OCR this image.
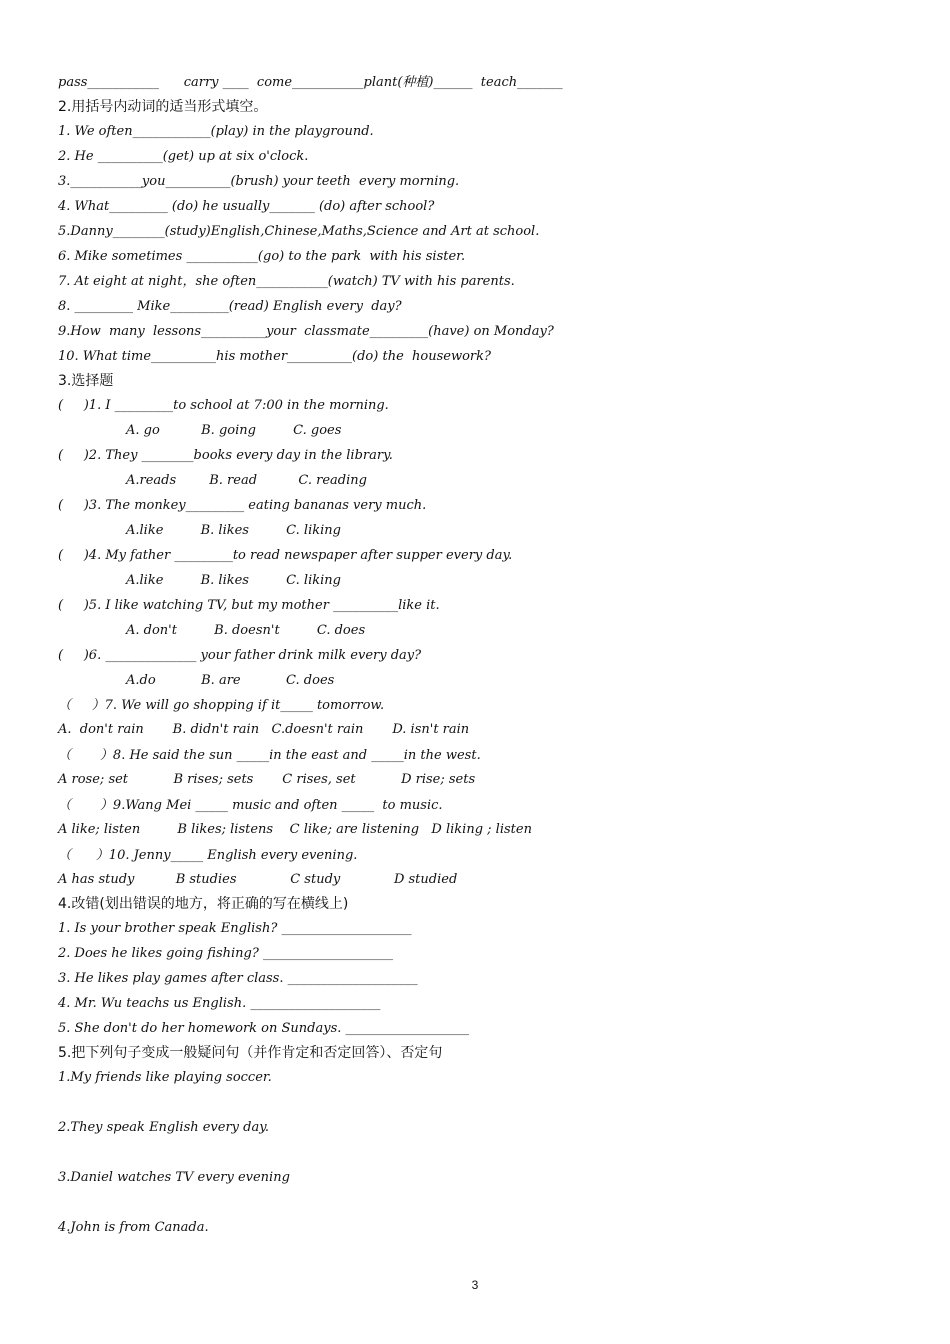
pass___________      carry ____  come___________plant(种植)______  teach_______
2.用括号内动词的适当形式填空。
1. We often____________(play) in the playground.
2. He __________(get) up at six o'clock.
3.___________you__________(brush) your teeth  every morning.
4. What_________ (do) he usually_______ (do) after school?
5.Danny________(study)English,Chinese,Maths,Science and Art at school.
6. Mike sometimes ___________(go) to the park  with his sister.
7. At eight at night，she often___________(watch) TV with his parents.
8. _________ Mike_________(read) English every  day?
9.How  many  lessons__________your  classmate_________(have) on Monday?
10. What time__________his mother__________(do) the  housework?
3.选择题
(     )1. I _________to school at 7:00 in the morning.
A. go          B. going         C. goes
(     )2. They ________books every day in the library.
A.reads        B. read          C. reading
(     )3. The monkey_________ eating bananas very much.
A.like         B. likes         C. liking
(     )4. My father _________to read newspaper after supper every day.
A.like         B. likes         C. liking
(     )5. I like watching TV, but my mother __________like it.
A. don't         B. doesn't         C. does
(     )6. ______________ your father drink milk every day?
A.do           B. are           C. does
（     ）7. We will go shopping if it_____ tomorrow.
A.  don't rain       B. didn't rain   C.doesn't rain       D. isn't rain
（       ）8. He said the sun _____in the east and _____in the west.
A rose; set           B rises; sets       C rises, set           D rise; sets
（       ）9.Wang Mei _____ music and often _____  to music.
A like; listen         B likes; listens    C like; are listening   D liking ; listen
（      ）10. Jenny_____ English every evening.
A has study          B studies             C study             D studied
4.改错(划出错误的地方，将正确的写在横线上)
1. Is your brother speak English? ____________________
2. Does he likes going fishing? ____________________
3. He likes play games after class. ____________________
4. Mr. Wu teachs us English. ____________________
5. She don't do her homework on Sundays. ___________________
5.把下列句子变成一般疑问句（并作肯定和否定回答）、否定句
1.My friends like playing soccer.
2.They speak English every day.
3.Daniel watches TV every evening
4.John is from Canada.
3
